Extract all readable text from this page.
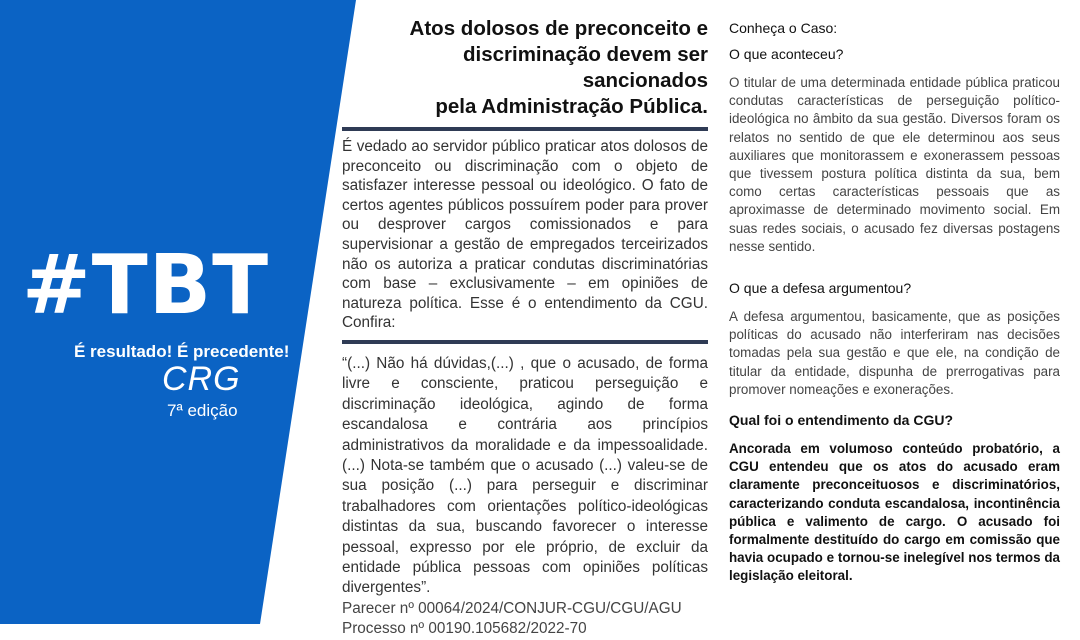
#TBT
É resultado! É precedente!
CRG
7ª edição
Atos dolosos de preconceito e
discriminação devem ser sancionados
pela Administração Pública.

É vedado ao servidor público praticar atos dolosos de preconceito ou discriminação com o objeto de satisfazer interesse pessoal ou ideológico. O fato de certos agentes públicos possuírem poder para prover ou desprover cargos comissionados e para supervisionar a gestão de empregados terceirizados não os autoriza a praticar condutas discriminatórias com base – exclusivamente – em opiniões de natureza política. Esse é o entendimento da CGU. Confira:

“(...) Não há dúvidas,(...) , que o acusado, de forma livre e consciente, praticou perseguição e discriminação ideológica, agindo de forma escandalosa e contrária aos princípios administrativos da moralidade e da impessoalidade. (...) Nota-se também que o acusado (...) valeu-se de sua posição (...) para perseguir e discriminar trabalhadores com orientações político-ideológicas distintas da sua, buscando favorecer o interesse pessoal, expresso por ele próprio, de excluir da entidade pública pessoas com opiniões políticas divergentes”.

Parecer nº 00064/2024/CONJUR-CGU/CGU/AGU

Processo nº 00190.105682/2022-70

Conheça o Caso:

O que aconteceu?

O titular de uma determinada entidade pública praticou condutas características de perseguição político-ideológica no âmbito da sua gestão. Diversos foram os relatos no sentido de que ele determinou aos seus auxiliares que monitorassem e exonerassem pessoas que tivessem postura política distinta da sua, bem como certas características pessoais que as aproximasse de determinado movimento social. Em suas redes sociais, o acusado fez diversas postagens nesse sentido.

O que a defesa argumentou?

A defesa argumentou, basicamente, que as posições políticas do acusado não interferiram nas decisões tomadas pela sua gestão e que ele, na condição de titular da entidade, dispunha de prerrogativas para promover nomeações e exonerações.

Qual foi o entendimento da CGU?

Ancorada em volumoso conteúdo probatório, a CGU entendeu que os atos do acusado eram claramente preconceituosos e discriminatórios, caracterizando conduta escandalosa, incontinência pública e valimento de cargo. O acusado foi formalmente destituído do cargo em comissão que havia ocupado e tornou-se inelegível nos termos da legislação eleitoral.
